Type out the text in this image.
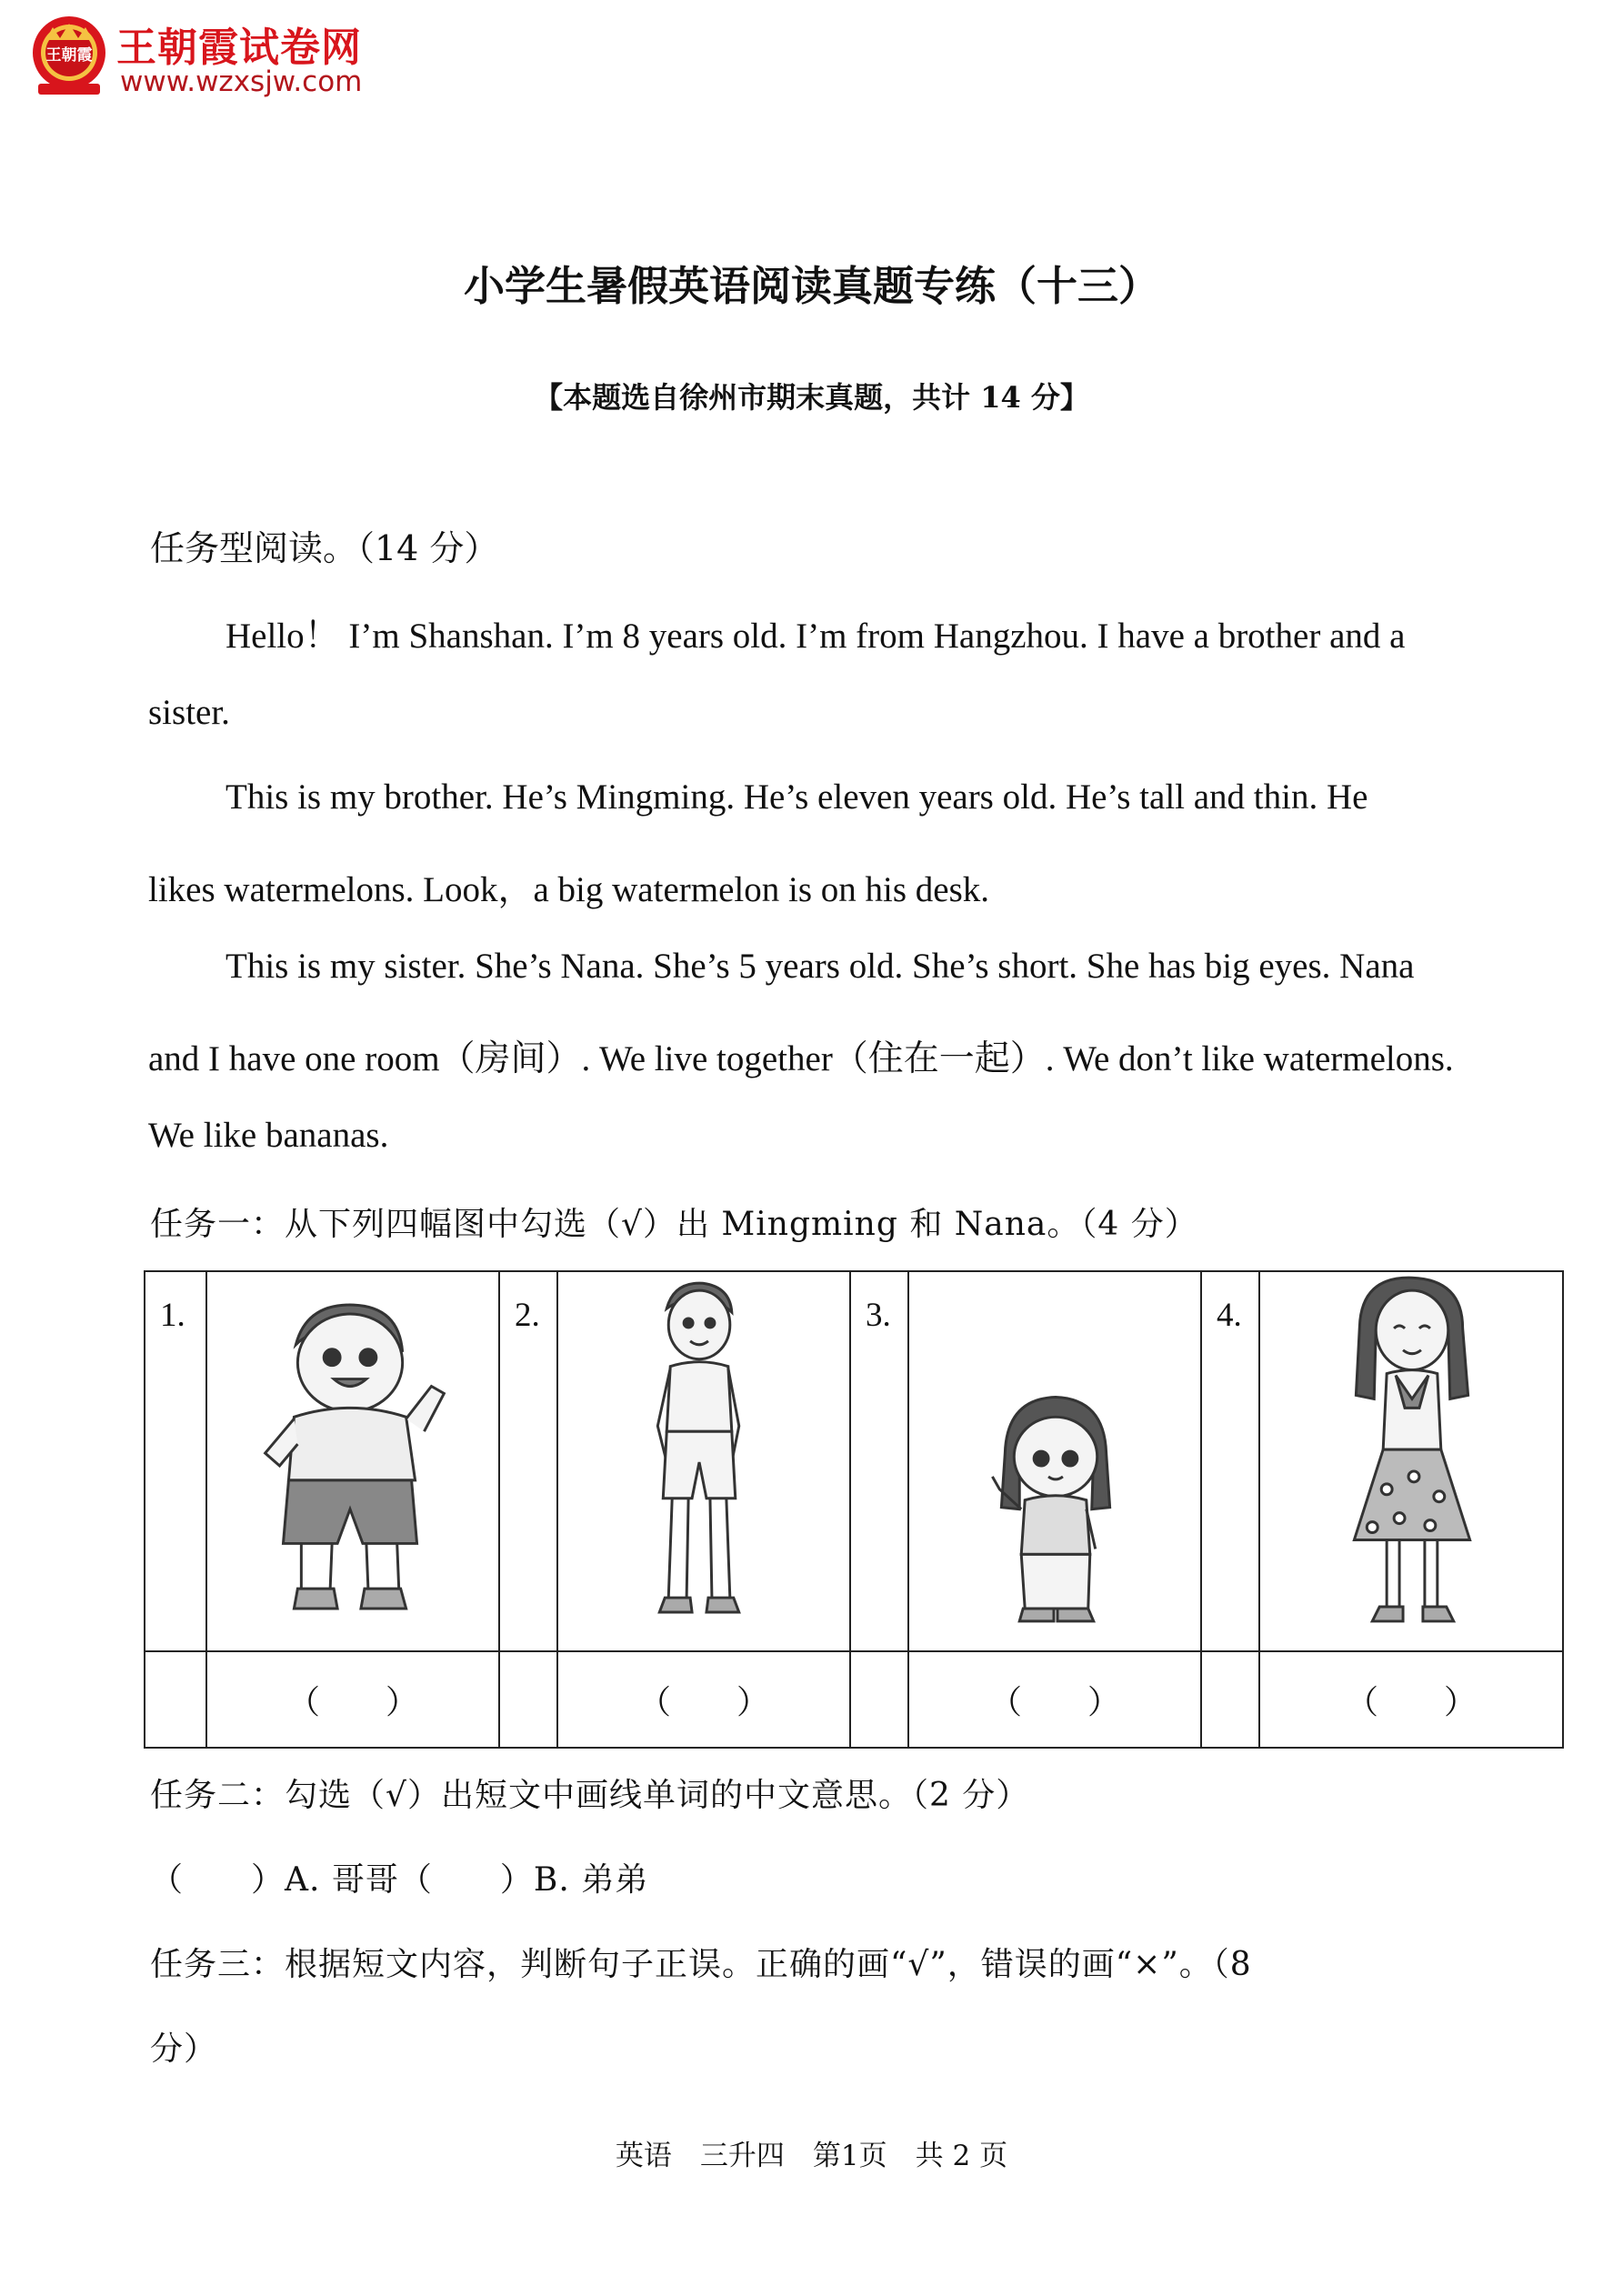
王朝霞 王朝霞试卷网
www.wzxsjw.com
小学生暑假英语阅读真题专练（十三）
【本题选自徐州市期末真题，共计 14 分】
任务型阅读。（14 分）
Hello！ I’m Shanshan. I’m 8 years old. I’m from Hangzhou. I have a brother and a
sister.
This is my brother. He’s Mingming. He’s eleven years old. He’s tall and thin. He
likes watermelons. Look，a big watermelon is on his desk.
This is my sister. She’s Nana. She’s 5 years old. She’s short. She has big eyes. Nana
and I have one room（房间）. We live together（住在一起）. We don’t like watermelons.
We like bananas.
任务一：从下列四幅图中勾选（√）出 Mingming 和 Nana。（4 分）
1.		2.		3.		4.	

	（　　）		（　　）		（　　）		（　　）
任务二：勾选（√）出短文中画线单词的中文意思。（2 分）
（　　）A. 哥哥（　　）B. 弟弟
任务三：根据短文内容，判断句子正误。正确的画“√”，错误的画“×”。（8
分）
英语　三升四　第1页　共 2 页
